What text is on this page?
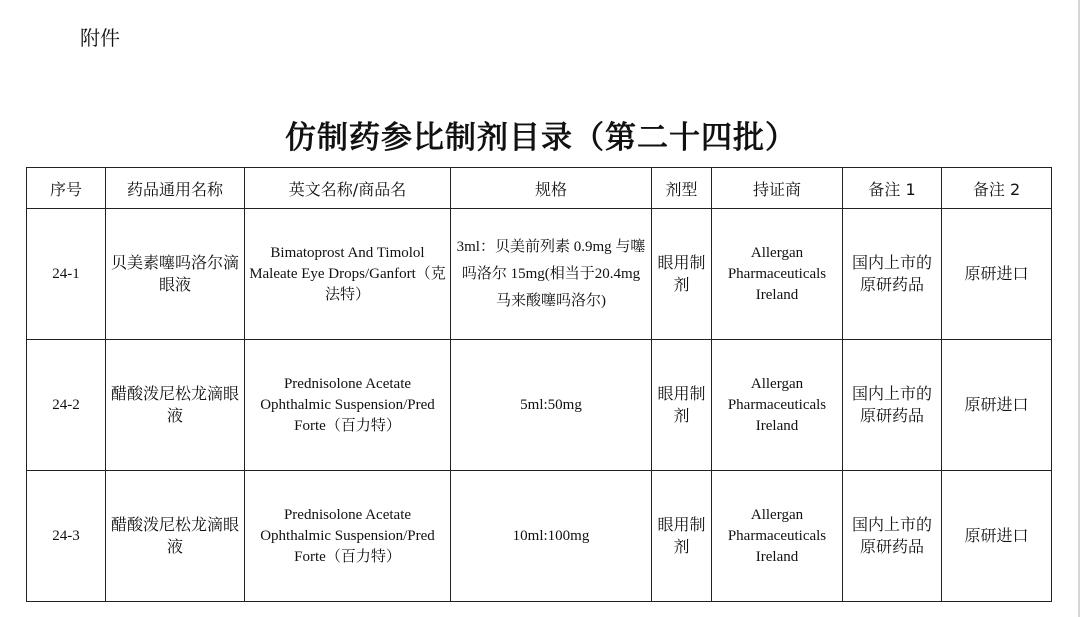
附件
仿制药参比制剂目录（第二十四批）
序号	药品通用名称	英文名称/商品名	规格	剂型	持证商	备注 1	备注 2
24-1	贝美素噻吗洛尔滴眼液	Bimatoprost And Timolol Maleate Eye Drops/Ganfort（克法特）	3ml：贝美前列素 0.9mg 与噻吗洛尔 15mg(相当于20.4mg 马来酸噻吗洛尔)	眼用制剂	Allergan Pharmaceuticals Ireland	国内上市的原研药品	原研进口
24-2	醋酸泼尼松龙滴眼液	Prednisolone Acetate Ophthalmic Suspension/Pred Forte（百力特）	5ml:50mg	眼用制剂	Allergan Pharmaceuticals Ireland	国内上市的原研药品	原研进口
24-3	醋酸泼尼松龙滴眼液	Prednisolone Acetate Ophthalmic Suspension/Pred Forte（百力特）	10ml:100mg	眼用制剂	Allergan Pharmaceuticals Ireland	国内上市的原研药品	原研进口
